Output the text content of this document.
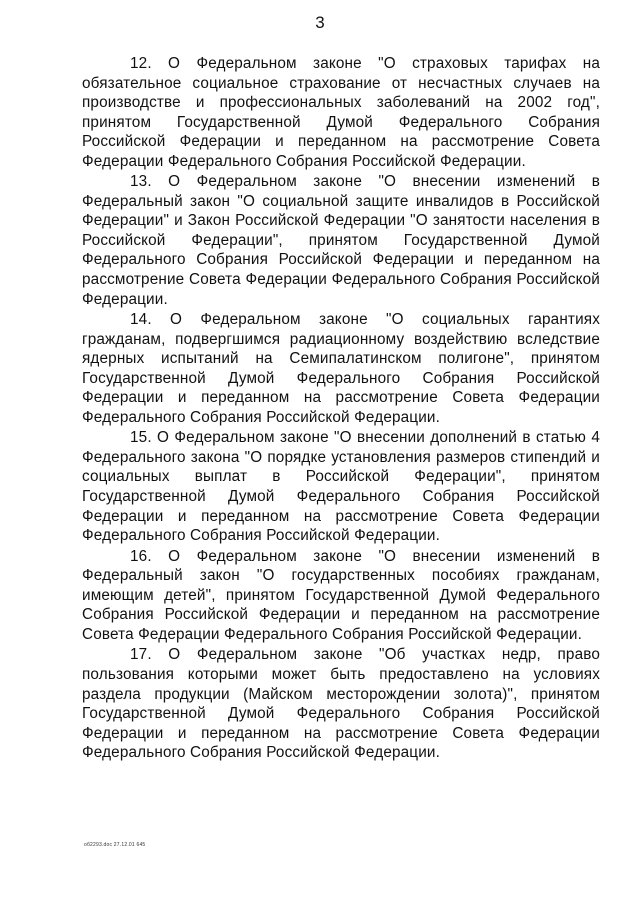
3

12. О Федеральном законе "О страховых тарифах на обязательное социальное страхование от несчастных случаев на производстве и профессиональных заболеваний на 2002 год", принятом Государственной Думой Федерального Собрания Российской Федерации и переданном на рассмотрение Совета Федерации Федерального Собрания Российской Федерации.

13. О Федеральном законе "О внесении изменений в Федеральный закон "О социальной защите инвалидов в Российской Федерации" и Закон Российской Федерации "О занятости населения в Российской Федерации", принятом Государственной Думой Федерального Собрания Российской Федерации и переданном на рассмотрение Совета Федерации Федерального Собрания Российской Федерации.

14. О Федеральном законе "О социальных гарантиях гражданам, подвергшимся радиационному воздействию вследствие ядерных испытаний на Семипалатинском полигоне", принятом Государственной Думой Федерального Собрания Российской Федерации и переданном на рассмотрение Совета Федерации Федерального Собрания Российской Федерации.

15. О Федеральном законе "О внесении дополнений в статью 4 Федерального закона "О порядке установления размеров стипендий и социальных выплат в Российской Федерации", принятом Государственной Думой Федерального Собрания Российской Федерации и переданном на рассмотрение Совета Федерации Федерального Собрания Российской Федерации.

16. О Федеральном законе "О внесении изменений в Федеральный закон "О государственных пособиях гражданам, имеющим детей", принятом Государственной Думой Федерального Собрания Российской Федерации и переданном на рассмотрение Совета Федерации Федерального Собрания Российской Федерации.

17. О Федеральном законе "Об участках недр, право пользования которыми может быть предоставлено на условиях раздела продукции (Майском месторождении золота)", принятом Государственной Думой Федерального Собрания Российской Федерации и переданном на рассмотрение Совета Федерации Федерального Собрания Российской Федерации.

об2293.doc 27.12.01 645
